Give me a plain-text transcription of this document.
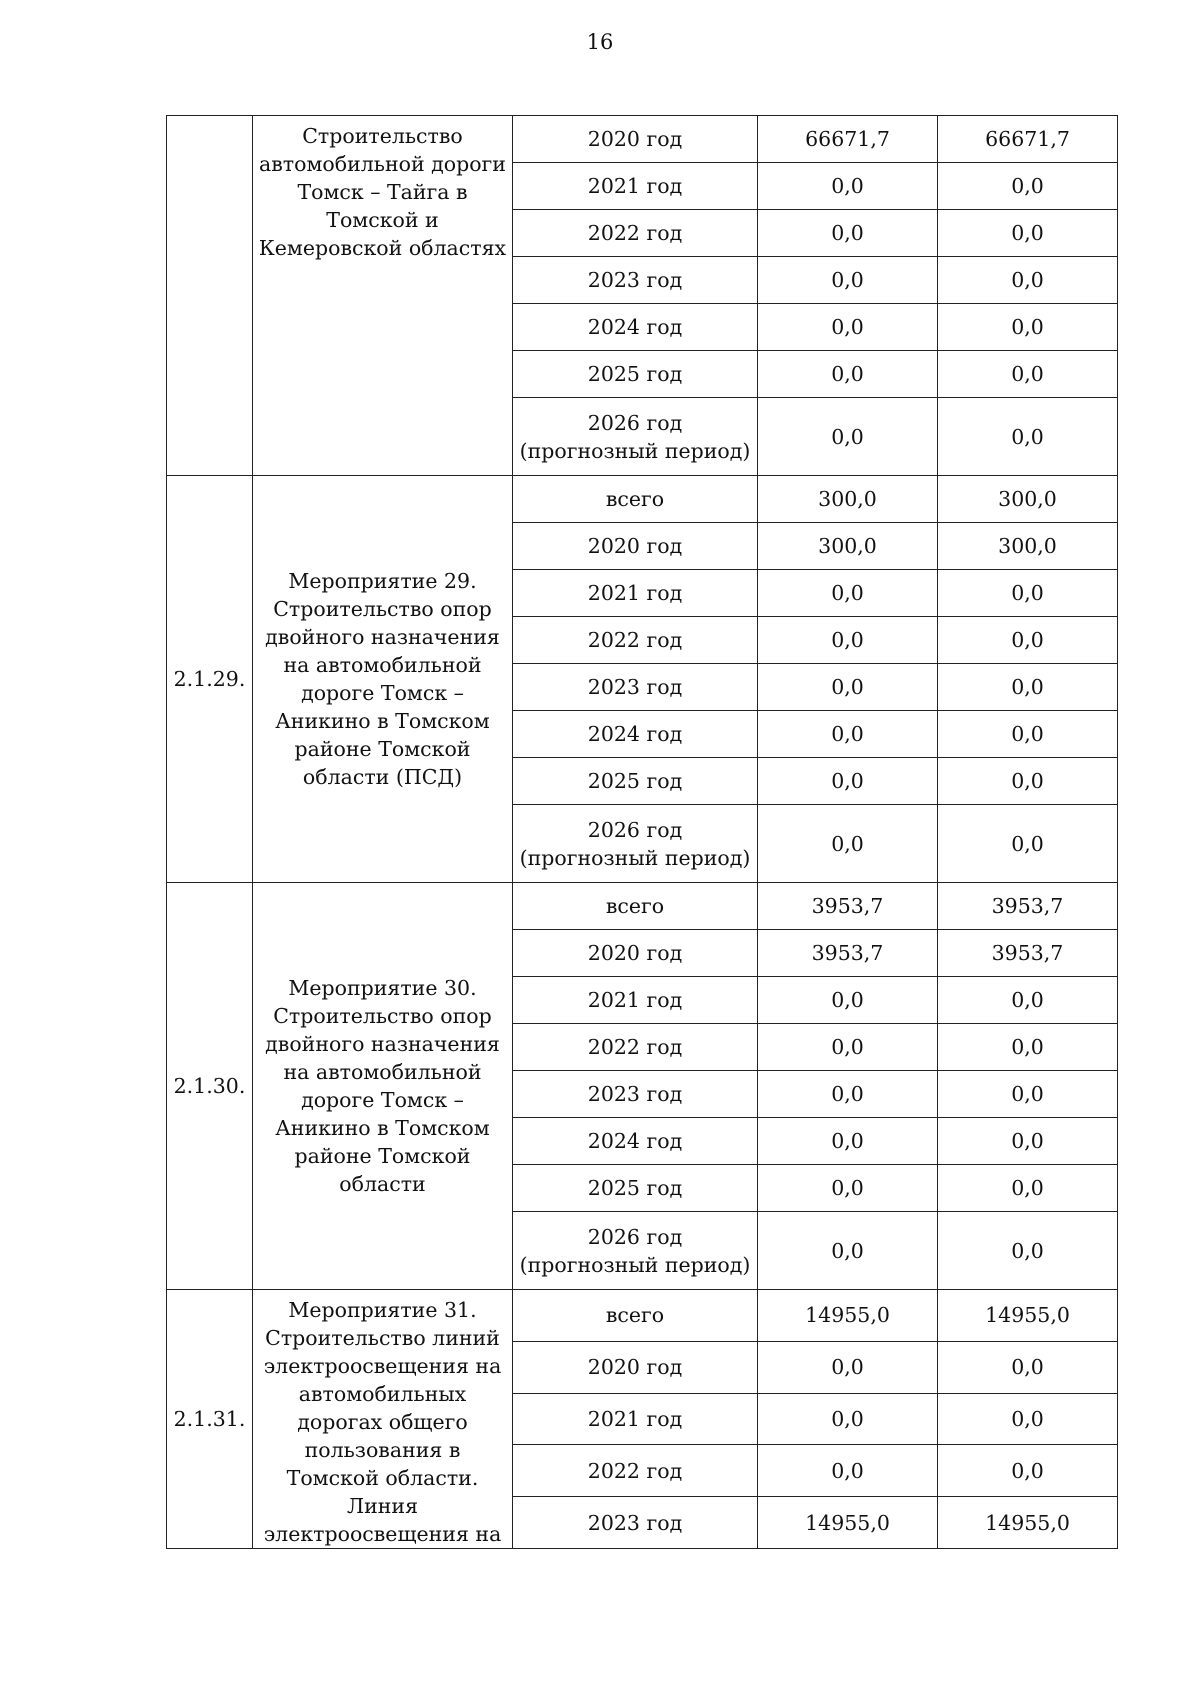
16
	Строительство автомобильной дороги Томск – Тайга в Томской и Кемеровской областях	2020 год	66671,7	66671,7
		2021 год	0,0	0,0
		2022 год	0,0	0,0
		2023 год	0,0	0,0
		2024 год	0,0	0,0
		2025 год	0,0	0,0
		2026 год (прогнозный период)	0,0	0,0
2.1.29.	Мероприятие 29. Строительство опор двойного назначения на автомобильной дороге Томск – Аникино в Томском районе Томской области (ПСД)	всего	300,0	300,0
		2020 год	300,0	300,0
		2021 год	0,0	0,0
		2022 год	0,0	0,0
		2023 год	0,0	0,0
		2024 год	0,0	0,0
		2025 год	0,0	0,0
		2026 год (прогнозный период)	0,0	0,0
2.1.30.	Мероприятие 30. Строительство опор двойного назначения на автомобильной дороге Томск – Аникино в Томском районе Томской области	всего	3953,7	3953,7
		2020 год	3953,7	3953,7
		2021 год	0,0	0,0
		2022 год	0,0	0,0
		2023 год	0,0	0,0
		2024 год	0,0	0,0
		2025 год	0,0	0,0
		2026 год (прогнозный период)	0,0	0,0
2.1.31.	Мероприятие 31. Строительство линий электроосвещения на автомобильных дорогах общего пользования в Томской области. Линия электроосвещения на	всего	14955,0	14955,0
		2020 год	0,0	0,0
		2021 год	0,0	0,0
		2022 год	0,0	0,0
		2023 год	14955,0	14955,0
